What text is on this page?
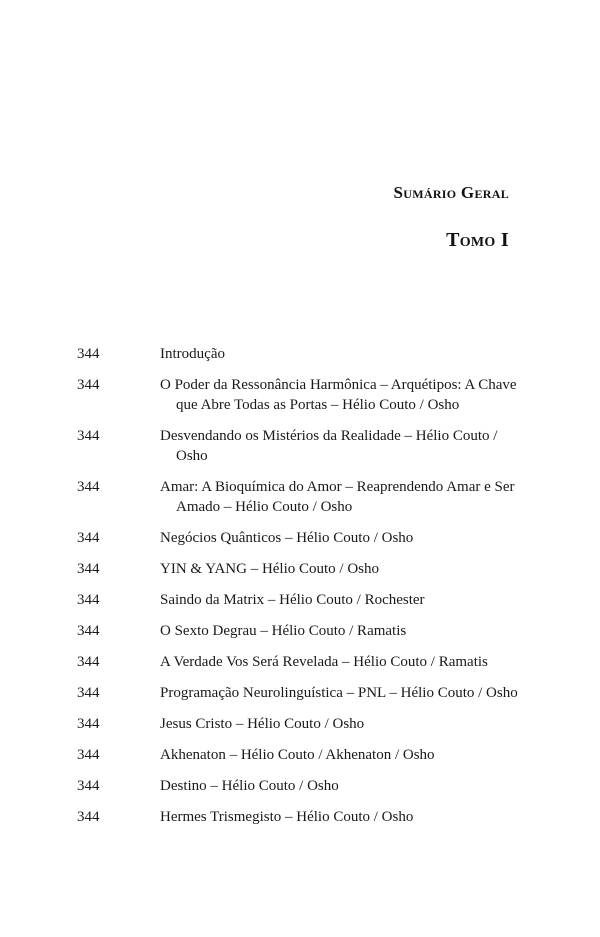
Sumário Geral
Tomo I
344	Introdução
344	O Poder da Ressonância Harmônica – Arquétipos: A Chave que Abre Todas as Portas – Hélio Couto / Osho
344	Desvendando os Mistérios da Realidade – Hélio Couto / Osho
344	Amar: A Bioquímica do Amor – Reaprendendo Amar e Ser Amado – Hélio Couto / Osho
344	Negócios Quânticos – Hélio Couto / Osho
344	YIN & YANG – Hélio Couto / Osho
344	Saindo da Matrix – Hélio Couto / Rochester
344	O Sexto Degrau – Hélio Couto / Ramatis
344	A Verdade Vos Será Revelada – Hélio Couto / Ramatis
344	Programação Neurolinguística – PNL – Hélio Couto / Osho
344	Jesus Cristo – Hélio Couto / Osho
344	Akhenaton – Hélio Couto / Akhenaton / Osho
344	Destino – Hélio Couto / Osho
344	Hermes Trismegisto – Hélio Couto / Osho
